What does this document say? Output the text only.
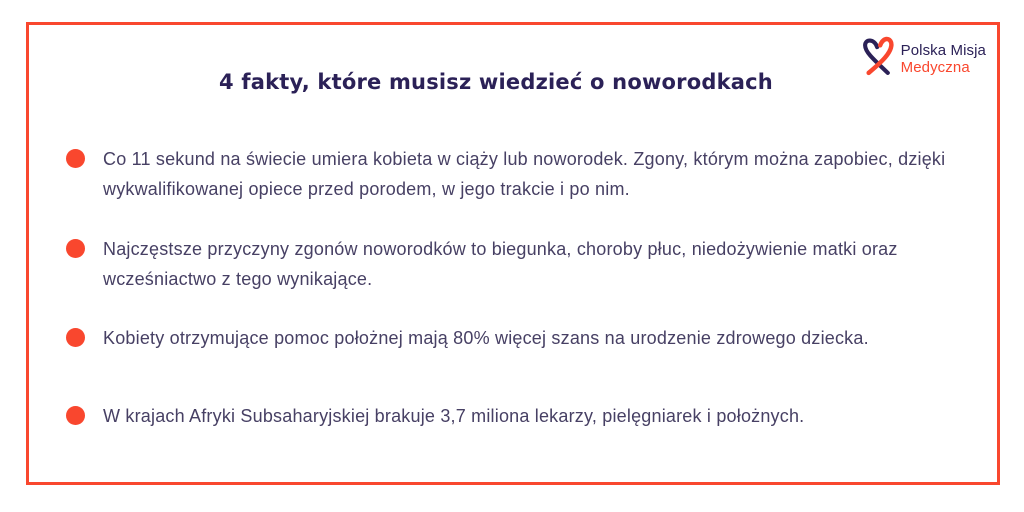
Polska Misja
Medyczna
4 fakty, które musisz wiedzieć o noworodkach
Co 11 sekund na świecie umiera kobieta w ciąży lub noworodek. Zgony, którym można zapobiec, dzięki wykwalifikowanej opiece przed porodem, w jego trakcie i po nim.
Najczęstsze przyczyny zgonów noworodków to biegunka, choroby płuc, niedożywienie matki oraz wcześniactwo z tego wynikające.
Kobiety otrzymujące pomoc położnej mają 80% więcej szans na urodzenie zdrowego dziecka.
W krajach Afryki Subsaharyjskiej brakuje 3,7 miliona lekarzy, pielęgniarek i położnych.
